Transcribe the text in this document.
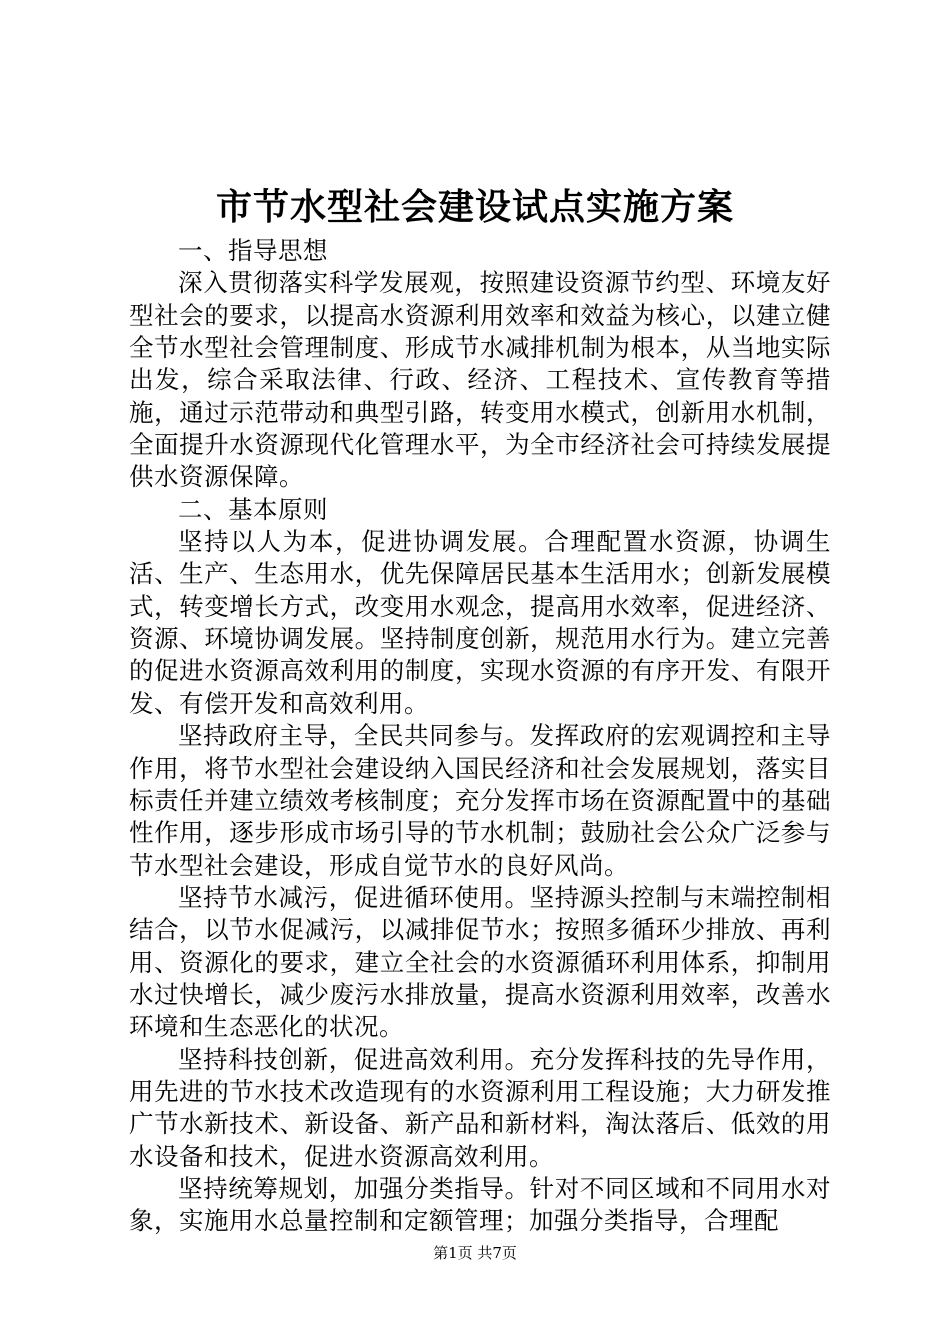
市节水型社会建设试点实施方案

一、指导思想

深入贯彻落实科学发展观，按照建设资源节约型、环境友好型社会的要求，以提高水资源利用效率和效益为核心，以建立健全节水型社会管理制度、形成节水减排机制为根本，从当地实际出发，综合采取法律、行政、经济、工程技术、宣传教育等措施，通过示范带动和典型引路，转变用水模式，创新用水机制，全面提升水资源现代化管理水平，为全市经济社会可持续发展提供水资源保障。

二、基本原则

坚持以人为本，促进协调发展。合理配置水资源，协调生活、生产、生态用水，优先保障居民基本生活用水；创新发展模式，转变增长方式，改变用水观念，提高用水效率，促进经济、资源、环境协调发展。坚持制度创新，规范用水行为。建立完善的促进水资源高效利用的制度，实现水资源的有序开发、有限开发、有偿开发和高效利用。

坚持政府主导，全民共同参与。发挥政府的宏观调控和主导作用，将节水型社会建设纳入国民经济和社会发展规划，落实目标责任并建立绩效考核制度；充分发挥市场在资源配置中的基础性作用，逐步形成市场引导的节水机制；鼓励社会公众广泛参与节水型社会建设，形成自觉节水的良好风尚。

坚持节水减污，促进循环使用。坚持源头控制与末端控制相结合，以节水促减污，以减排促节水；按照多循环少排放、再利用、资源化的要求，建立全社会的水资源循环利用体系，抑制用水过快增长，减少废污水排放量，提高水资源利用效率，改善水环境和生态恶化的状况。

坚持科技创新，促进高效利用。充分发挥科技的先导作用，用先进的节水技术改造现有的水资源利用工程设施；大力研发推广节水新技术、新设备、新产品和新材料，淘汰落后、低效的用水设备和技术，促进水资源高效利用。

坚持统筹规划，加强分类指导。针对不同区域和不同用水对象，实施用水总量控制和定额管理；加强分类指导，合理配

第1页 共7页
